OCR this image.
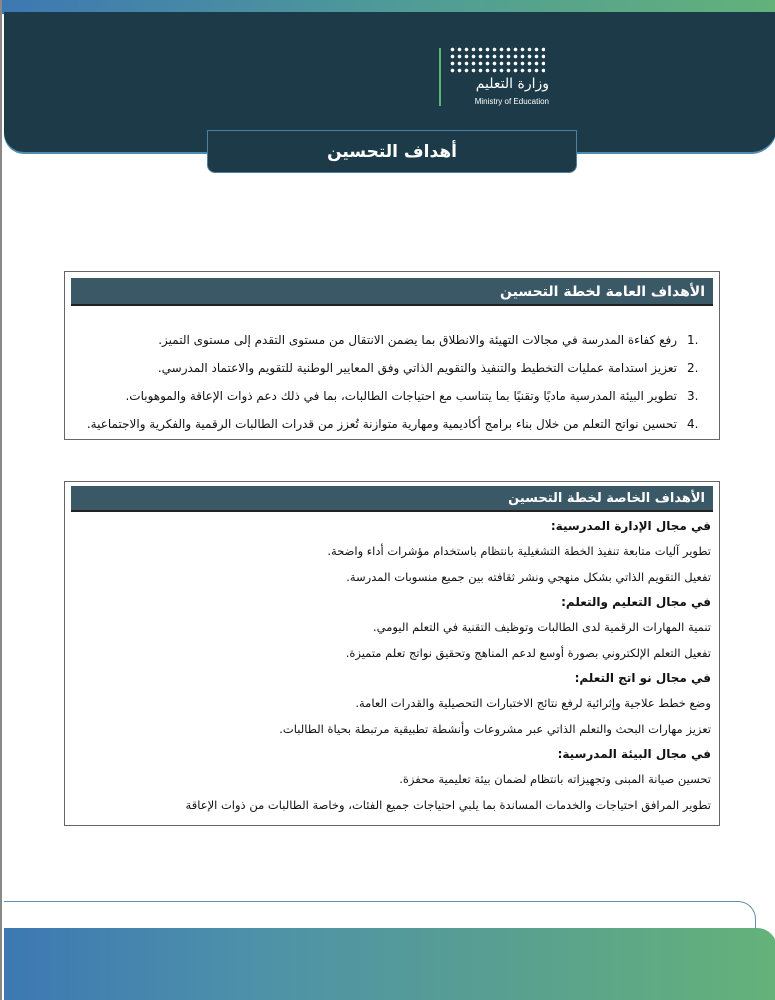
وزارة التعليم
Ministry of Education
أهداف التحسين
الأهداف العامة لخطة التحسين
1.
رفع كفاءة المدرسة في مجالات التهيئة والانطلاق بما يضمن الانتقال من مستوى التقدم إلى مستوى التميز.
2.
تعزيز استدامة عمليات التخطيط والتنفيذ والتقويم الذاتي وفق المعايير الوطنية للتقويم والاعتماد المدرسي.
3.
تطوير البيئة المدرسية ماديًا وتقنيًا بما يتناسب مع احتياجات الطالبات، بما في ذلك دعم ذوات الإعاقة والموهوبات.
4.
تحسين نواتج التعلم من خلال بناء برامج أكاديمية ومهارية متوازنة تُعزز من قدرات الطالبات الرقمية والفكرية والاجتماعية.
الأهداف الخاصة لخطة التحسين
في مجال الإدارة المدرسية:
تطوير آليات متابعة تنفيذ الخطة التشغيلية بانتظام باستخدام مؤشرات أداء واضحة.
تفعيل التقويم الذاتي بشكل منهجي ونشر ثقافته بين جميع منسوبات المدرسة.
في مجال التعليم والتعلم:
تنمية المهارات الرقمية لدى الطالبات وتوظيف التقنية في التعلم اليومي.
تفعيل التعلم الإلكتروني بصورة أوسع لدعم المناهج وتحقيق نواتج تعلم متميزة.
في مجال نو اتج التعلم:
وضع خطط علاجية وإثرائية لرفع نتائج الاختبارات التحصيلية والقدرات العامة.
تعزيز مهارات البحث والتعلم الذاتي عبر مشروعات وأنشطة تطبيقية مرتبطة بحياة الطالبات.
في مجال البيئة المدرسية:
تحسين صيانة المبنى وتجهيزاته بانتظام لضمان بيئة تعليمية محفزة.
تطوير المرافق احتياجات والخدمات المساندة بما يلبي احتياجات جميع الفئات، وخاصة الطالبات من ذوات الإعاقة
